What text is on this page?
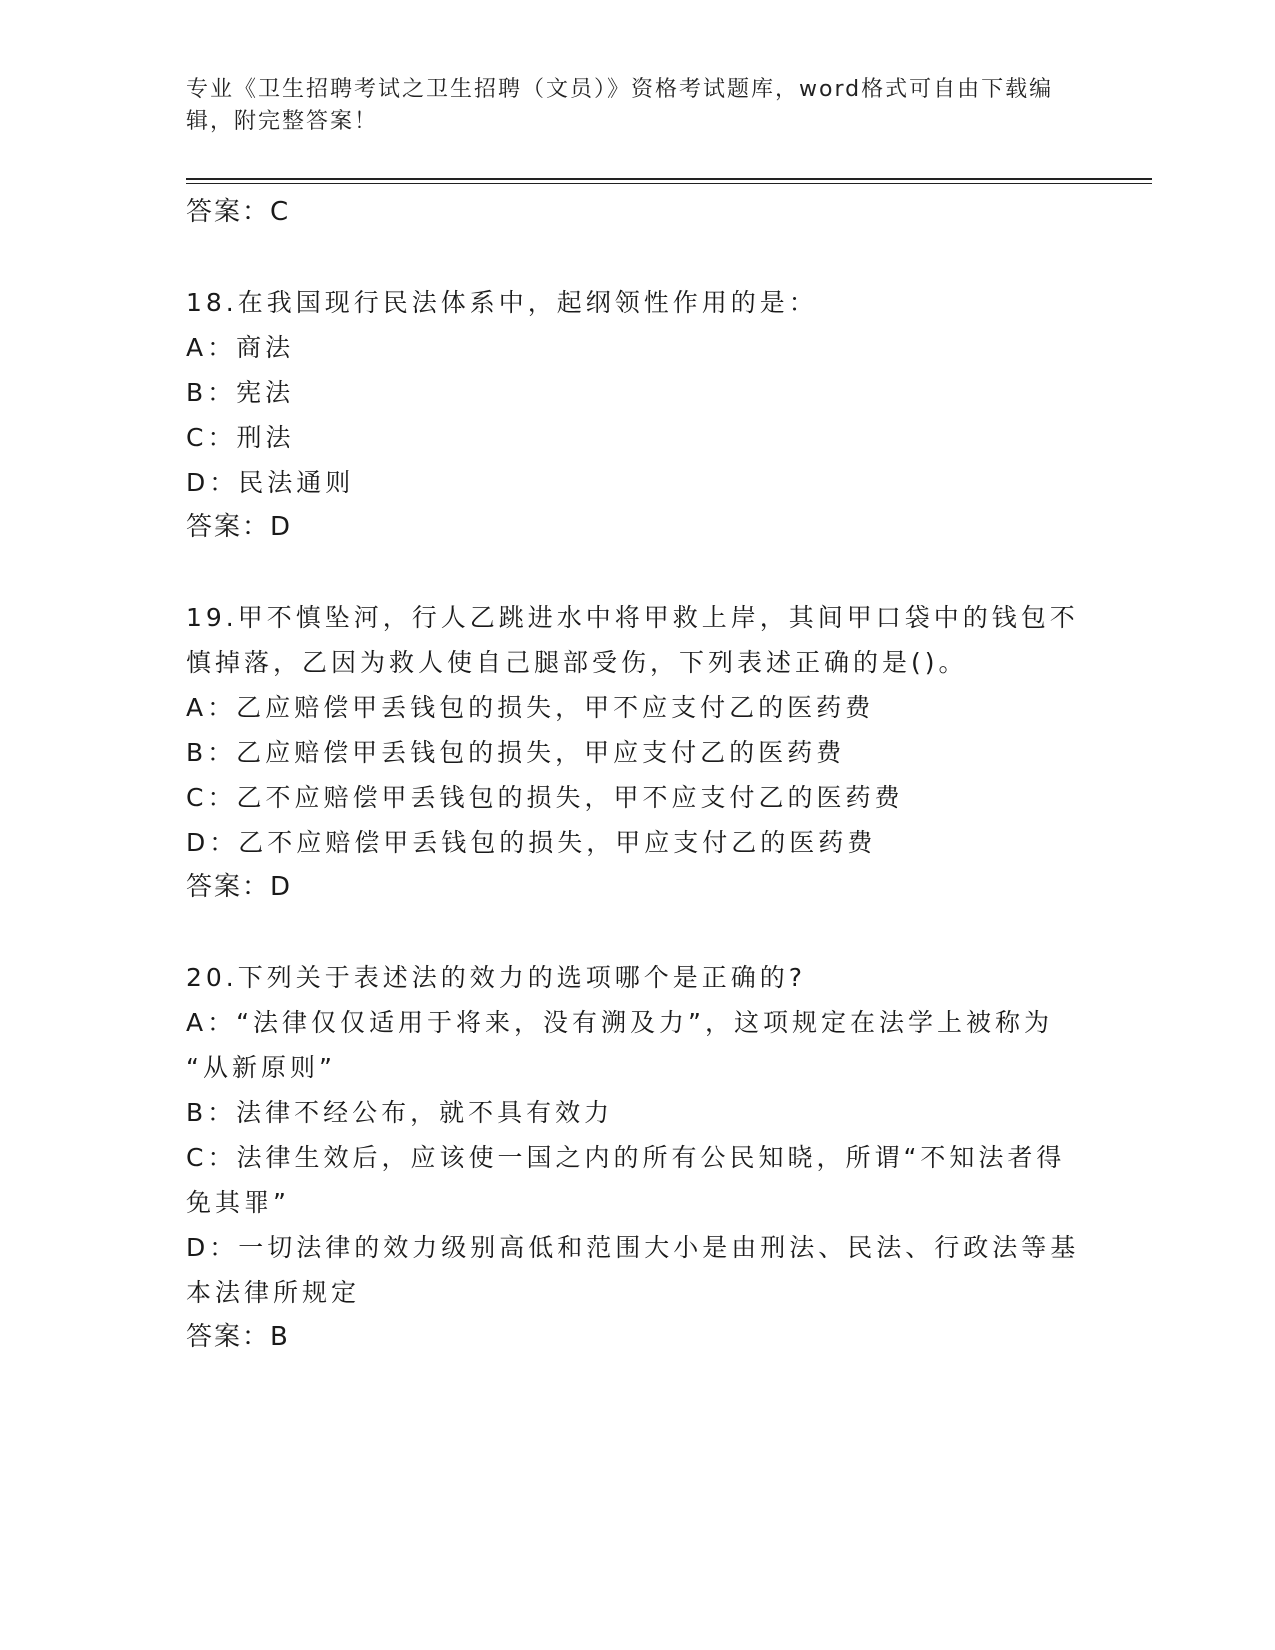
专业《卫生招聘考试之卫生招聘（文员）》资格考试题库，word格式可自由下载编辑，附完整答案！
答案：C
18.在我国现行民法体系中，起纲领性作用的是：
A：商法
B：宪法
C：刑法
D：民法通则
答案：D
19.甲不慎坠河，行人乙跳进水中将甲救上岸，其间甲口袋中的钱包不
慎掉落，乙因为救人使自己腿部受伤，下列表述正确的是()。
A：乙应赔偿甲丢钱包的损失，甲不应支付乙的医药费
B：乙应赔偿甲丢钱包的损失，甲应支付乙的医药费
C：乙不应赔偿甲丢钱包的损失，甲不应支付乙的医药费
D：乙不应赔偿甲丢钱包的损失，甲应支付乙的医药费
答案：D
20.下列关于表述法的效力的选项哪个是正确的?
A：“法律仅仅适用于将来，没有溯及力”，这项规定在法学上被称为
“从新原则”
B：法律不经公布，就不具有效力
C：法律生效后，应该使一国之内的所有公民知晓，所谓“不知法者得
免其罪”
D：一切法律的效力级别高低和范围大小是由刑法、民法、行政法等基
本法律所规定
答案：B
